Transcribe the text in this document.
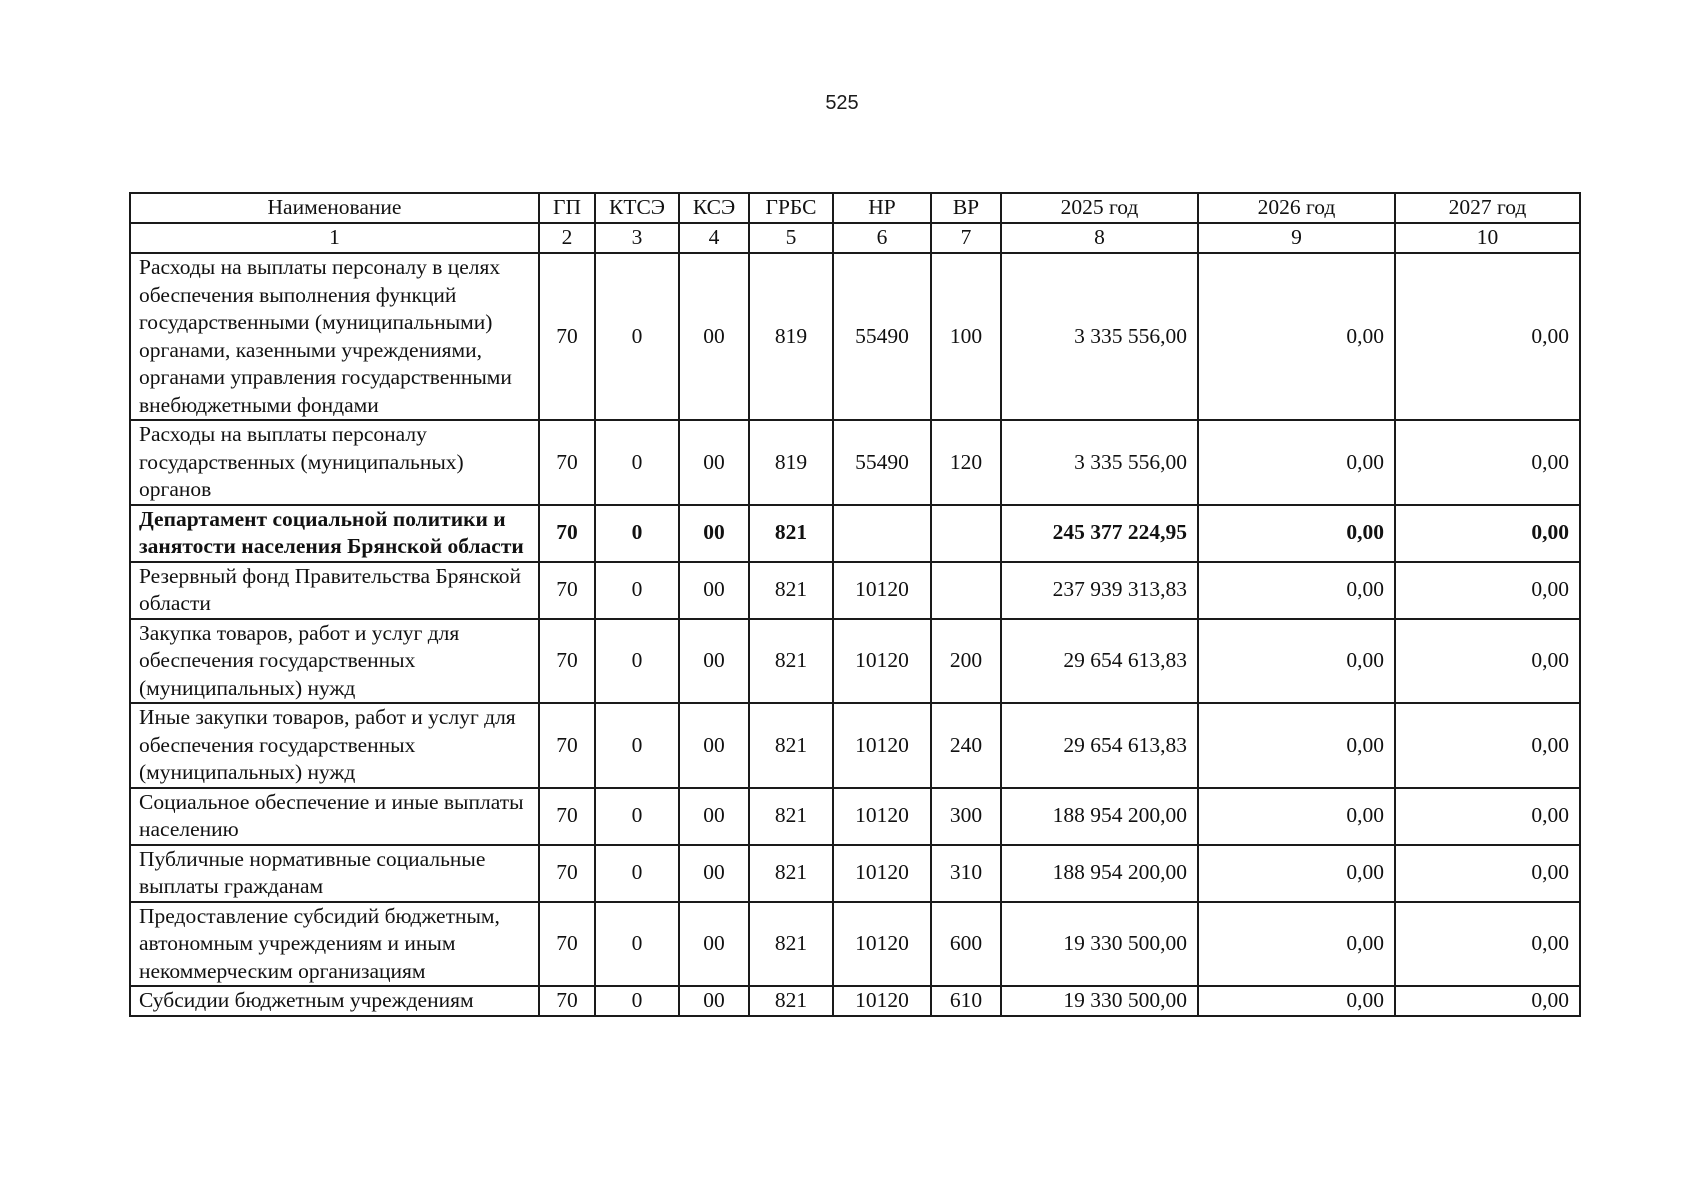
525
Наименование	ГП	КТСЭ	КСЭ	ГРБС	НР	ВР	2025 год	2026 год	2027 год
1	2	3	4	5	6	7	8	9	10
Расходы на выплаты персоналу в целях обеспечения выполнения функций государственными (муниципальными) органами, казенными учреждениями, органами управления государственными внебюджетными фондами	70	0	00	819	55490	100	3 335 556,00	0,00	0,00
Расходы на выплаты персоналу государственных (муниципальных) органов	70	0	00	819	55490	120	3 335 556,00	0,00	0,00
Департамент социальной политики и занятости населения Брянской области	70	0	00	821			245 377 224,95	0,00	0,00
Резервный фонд Правительства Брянской области	70	0	00	821	10120		237 939 313,83	0,00	0,00
Закупка товаров, работ и услуг для обеспечения государственных (муниципальных) нужд	70	0	00	821	10120	200	29 654 613,83	0,00	0,00
Иные закупки товаров, работ и услуг для обеспечения государственных (муниципальных) нужд	70	0	00	821	10120	240	29 654 613,83	0,00	0,00
Социальное обеспечение и иные выплаты населению	70	0	00	821	10120	300	188 954 200,00	0,00	0,00
Публичные нормативные социальные выплаты гражданам	70	0	00	821	10120	310	188 954 200,00	0,00	0,00
Предоставление субсидий бюджетным, автономным учреждениям и иным некоммерческим организациям	70	0	00	821	10120	600	19 330 500,00	0,00	0,00
Субсидии бюджетным учреждениям	70	0	00	821	10120	610	19 330 500,00	0,00	0,00
